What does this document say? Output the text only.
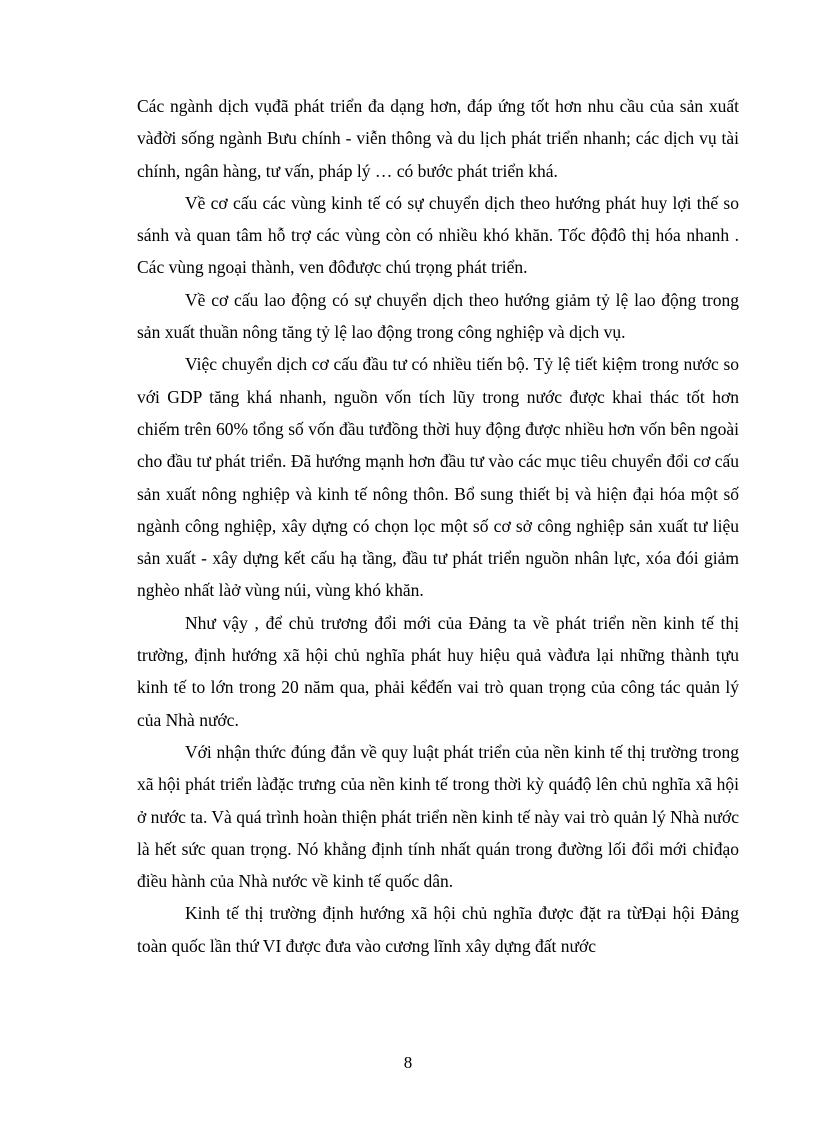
Các ngành dịch vụđã phát triển đa dạng hơn, đáp ứng tốt hơn nhu cầu của sản xuất vàđời sống ngành Bưu chính - viễn thông và du lịch phát triển nhanh; các dịch vụ tài chính, ngân hàng, tư vấn, pháp lý … có bước phát triển khá.

Về cơ cấu các vùng kinh tế có sự chuyển dịch theo hướng phát huy lợi thế so sánh và quan tâm hỗ trợ các vùng còn có nhiều khó khăn. Tốc độđô thị hóa nhanh . Các vùng ngoại thành, ven đôđược chú trọng phát triển.

Về cơ cấu lao động có sự chuyển dịch theo hướng giảm tỷ lệ lao động trong sản xuất thuần nông tăng tỷ lệ lao động trong công nghiệp và dịch vụ.

Việc chuyển dịch cơ cấu đầu tư có nhiều tiến bộ. Tỷ lệ tiết kiệm trong nước so với GDP tăng khá nhanh, nguồn vốn tích lũy trong nước được khai thác tốt hơn chiếm trên 60% tổng số vốn đầu tưđồng thời huy động được nhiều hơn vốn bên ngoài cho đầu tư phát triển. Đã hướng mạnh hơn đầu tư vào các mục tiêu chuyển đổi cơ cấu sản xuất nông nghiệp và kinh tế nông thôn. Bổ sung thiết bị và hiện đại hóa một số ngành công nghiệp, xây dựng có chọn lọc một số cơ sở công nghiệp sản xuất tư liệu sản xuất - xây dựng kết cấu hạ tầng, đầu tư phát triển nguồn nhân lực, xóa đói giảm nghèo nhất làở vùng núi, vùng khó khăn.

Như vậy , để chủ trương đổi mới của Đảng ta về phát triển nền kinh tế thị trường, định hướng xã hội chủ nghĩa phát huy hiệu quả vàđưa lại những thành tựu kinh tế to lớn trong 20 năm qua, phải kểđến vai trò quan trọng của công tác quản lý của Nhà nước.

Với nhận thức đúng đắn về quy luật phát triển của nền kinh tế thị trường trong xã hội phát triển làđặc trưng của nền kinh tế trong thời kỳ quáđộ lên chủ nghĩa xã hội ở nước ta. Và quá trình hoàn thiện phát triển nền kinh tế này vai trò quản lý Nhà nước là hết sức quan trọng. Nó khẳng định tính nhất quán trong đường lối đổi mới chỉđạo điều hành của Nhà nước về kinh tế quốc dân.

Kinh tế thị trường định hướng xã hội chủ nghĩa được đặt ra từĐại hội Đảng toàn quốc lần thứ VI được đưa vào cương lĩnh xây dựng đất nước

8
